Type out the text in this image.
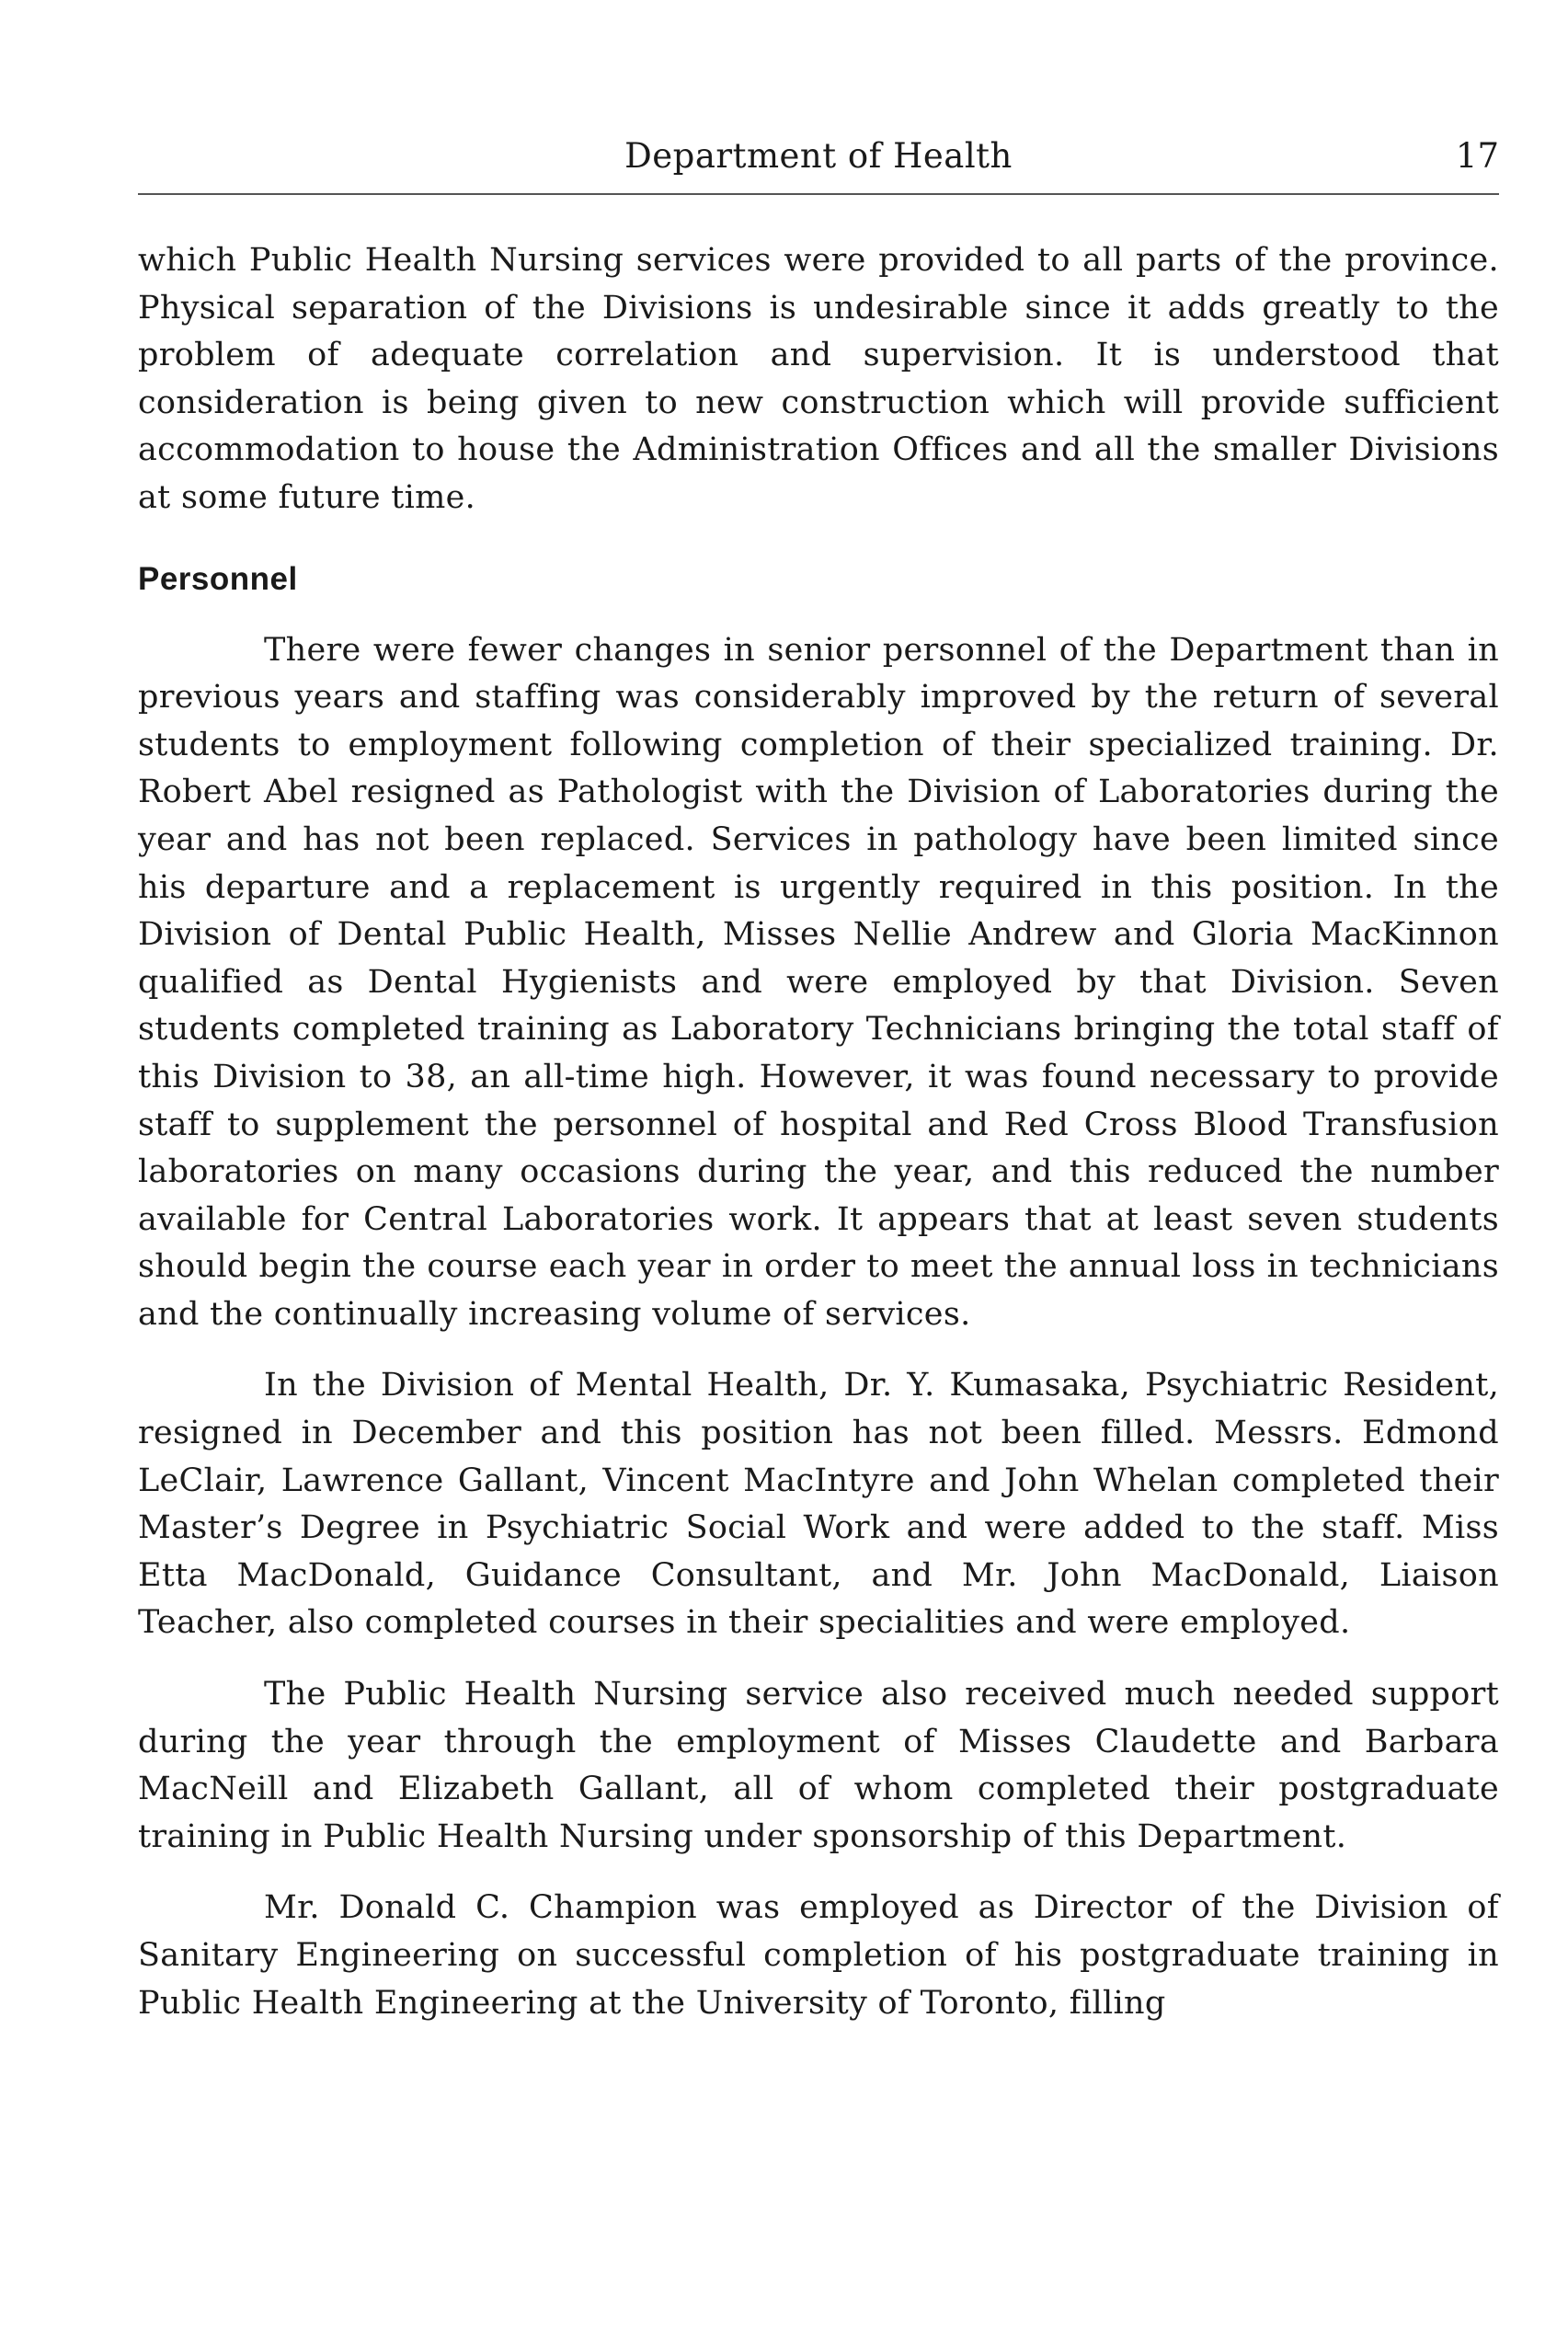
Department of Health	17

which Public Health Nursing services were provided to all parts of the province. Physical separation of the Divisions is undesirable since it adds greatly to the problem of adequate correlation and supervision. It is understood that consideration is being given to new construction which will provide sufficient accommodation to house the Administration Offices and all the smaller Divisions at some future time.

Personnel

There were fewer changes in senior personnel of the Department than in previous years and staffing was considerably improved by the return of several students to employment following completion of their specialized training. Dr. Robert Abel resigned as Pathologist with the Division of Laboratories during the year and has not been replaced. Services in pathology have been limited since his departure and a replacement is urgently required in this position. In the Division of Dental Public Health, Misses Nellie Andrew and Gloria MacKinnon qualified as Dental Hygienists and were employed by that Division. Seven students completed training as Laboratory Technicians bringing the total staff of this Division to 38, an all-time high. However, it was found necessary to provide staff to supplement the personnel of hospital and Red Cross Blood Transfusion laboratories on many occasions during the year, and this reduced the number available for Central Laboratories work. It appears that at least seven students should begin the course each year in order to meet the annual loss in technicians and the continually increasing volume of services.

In the Division of Mental Health, Dr. Y. Kumasaka, Psychiatric Resident, resigned in December and this position has not been filled. Messrs. Edmond LeClair, Lawrence Gallant, Vincent MacIntyre and John Whelan completed their Master’s Degree in Psychiatric Social Work and were added to the staff. Miss Etta MacDonald, Guidance Consultant, and Mr. John MacDonald, Liaison Teacher, also completed courses in their specialities and were employed.

The Public Health Nursing service also received much needed support during the year through the employment of Misses Claudette and Barbara MacNeill and Elizabeth Gallant, all of whom completed their postgraduate training in Public Health Nursing under sponsorship of this Department.

Mr. Donald C. Champion was employed as Director of the Division of Sanitary Engineering on successful completion of his postgraduate training in Public Health Engineering at the University of Toronto, filling
